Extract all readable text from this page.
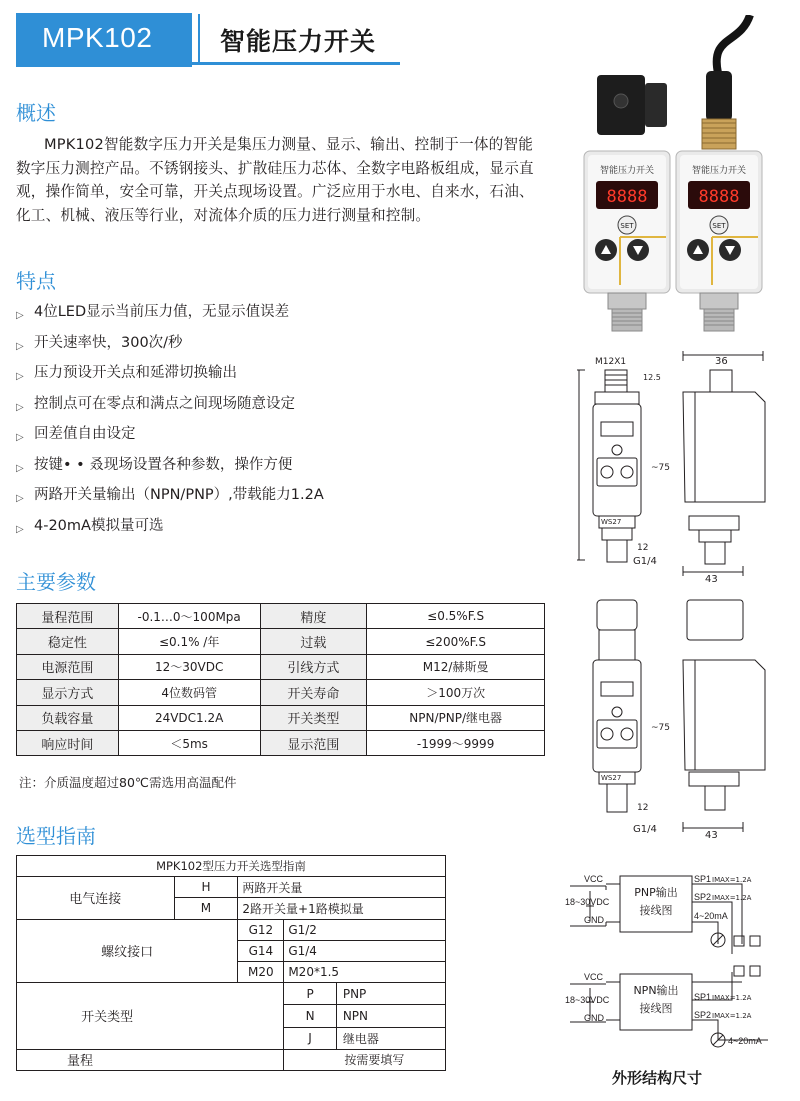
MPK102	智能压力开关
概述

MPK102智能数字压力开关是集压力测量、显示、输出、控制于一体的智能数字压力测控产品。不锈钢接头、扩散硅压力芯体、全数字电路板组成，显示直观，操作简单，安全可靠，开关点现场设置。广泛应用于水电、自来水，石油、化工、机械、液压等行业，对流体介质的压力进行测量和控制。

特点
▷ 4位LED显示当前压力值，无显示值误差
▷ 开关速率快，300次/秒
▷ 压力预设开关点和延滞切换输出
▷ 控制点可在零点和满点之间现场随意设定
▷ 回差值自由设定
▷ 按键• • 叒现场设置各种参数，操作方便
▷ 两路开关量输出（NPN/PNP）,带载能力1.2A
▷ 4-20mA模拟量可选
主要参数
量程范围	-0.1…0～100Mpa	精度	≤0.5%F.S
稳定性	≤0.1% /年	过载	≤200%F.S
电源范围	12～30VDC	引线方式	M12/赫斯曼
显示方式	4位数码管	开关寿命	＞100万次
负载容量	24VDC1.2A	开关类型	NPN/PNP/继电器
响应时间	＜5ms	显示范围	-1999～9999
注：介质温度超过80℃需选用高温配件
选型指南
MPK102型压力开关选型指南
电气连接	H	两路开关量
M	2路开关量+1路模拟量
螺纹接口	G12	G1/2
G14	G1/4
M20	M20*1.5
开关类型	
P	PNP

N	NPN

J	继电器

量程	按需要填写
智能压力开关
8888
SET
智能压力开关
8888
SET
M12X1	36
12.5
~75
WS27
12
G1/4
43
~75
WS27
12
G1/4
43
VCC
18~30VDC
GND
PNP输出
接线图
SP1 IMAX=1.2A
SP2 IMAX=1.2A
4~20mA
VCC
18~30VDC
GND
NPN输出
接线图
SP1 IMAX=1.2A
SP2 IMAX=1.2A
4~20mA
外形结构尺寸
